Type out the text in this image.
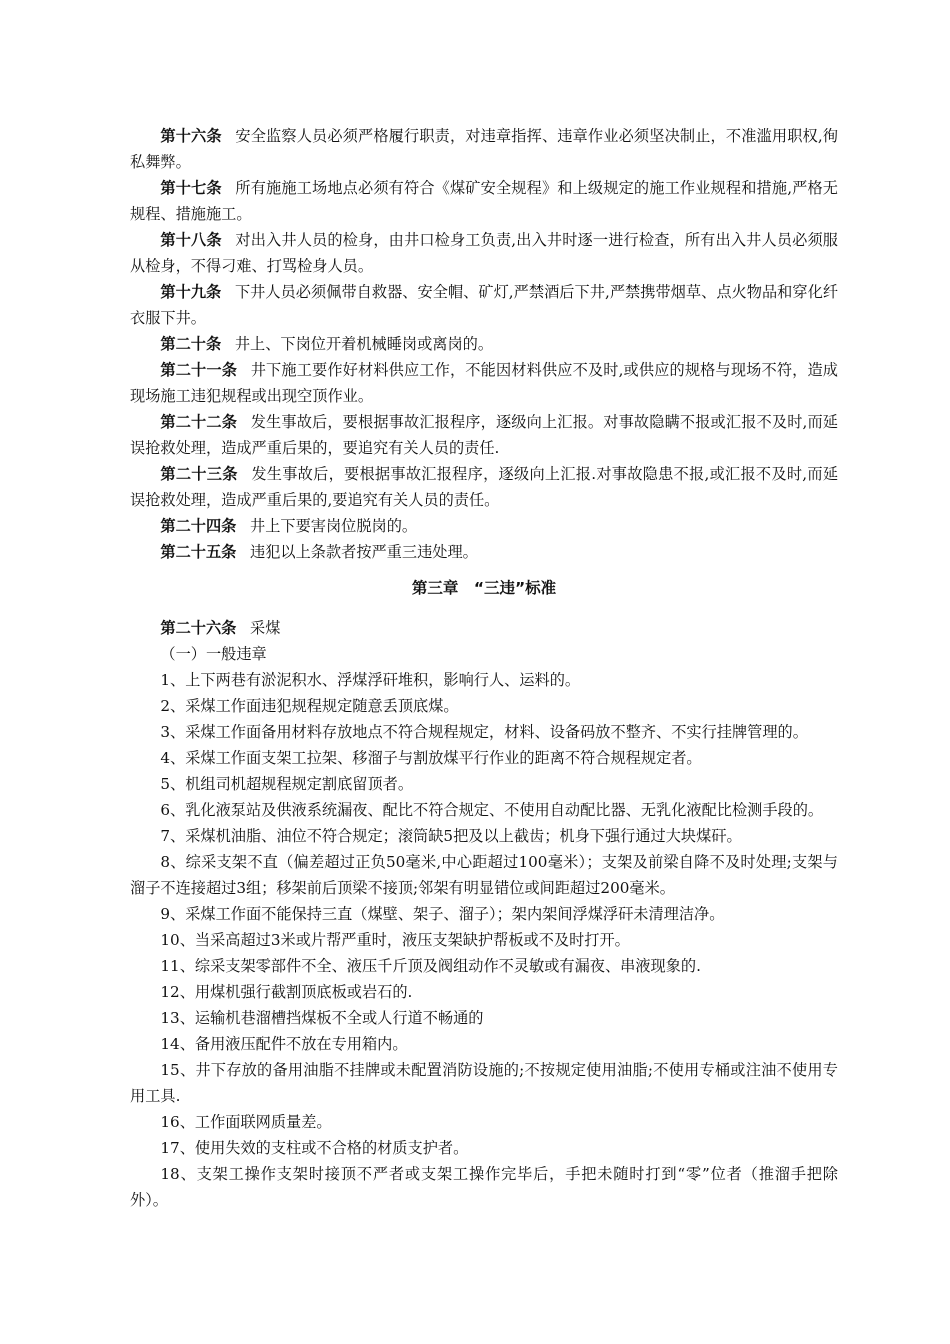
第十六条 安全监察人员必须严格履行职责，对违章指挥、违章作业必须坚决制止，不准滥用职权,徇私舞弊。

第十七条 所有施施工场地点必须有符合《煤矿安全规程》和上级规定的施工作业规程和措施,严格无规程、措施施工。

第十八条 对出入井人员的检身，由井口检身工负责,出入井时逐一进行检查，所有出入井人员必须服从检身，不得刁难、打骂检身人员。

第十九条 下井人员必须佩带自救器、安全帽、矿灯,严禁酒后下井,严禁携带烟草、点火物品和穿化纤衣服下井。

第二十条 井上、下岗位开着机械睡岗或离岗的。

第二十一条 井下施工要作好材料供应工作，不能因材料供应不及时,或供应的规格与现场不符，造成现场施工违犯规程或出现空顶作业。

第二十二条 发生事故后，要根据事故汇报程序，逐级向上汇报。对事故隐瞒不报或汇报不及时,而延误抢救处理，造成严重后果的，要追究有关人员的责任.

第二十三条 发生事故后，要根据事故汇报程序，逐级向上汇报.对事故隐患不报,或汇报不及时,而延误抢救处理，造成严重后果的,要追究有关人员的责任。

第二十四条 井上下要害岗位脱岗的。

第二十五条 违犯以上条款者按严重三违处理。

第三章　“三违”标准

第二十六条 采煤

（一）一般违章

1、上下两巷有淤泥积水、浮煤浮矸堆积，影响行人、运料的。

2、采煤工作面违犯规程规定随意丢顶底煤。

3、采煤工作面备用材料存放地点不符合规程规定，材料、设备码放不整齐、不实行挂牌管理的。

4、采煤工作面支架工拉架、移溜子与割放煤平行作业的距离不符合规程规定者。

5、机组司机超规程规定割底留顶者。

6、乳化液泵站及供液系统漏夜、配比不符合规定、不使用自动配比器、无乳化液配比检测手段的。

7、采煤机油脂、油位不符合规定；滚筒缺5把及以上截齿；机身下强行通过大块煤矸。

8、综采支架不直（偏差超过正负50毫米,中心距超过100毫米）；支架及前梁自降不及时处理;支架与溜子不连接超过3组；移架前后顶梁不接顶;邻架有明显错位或间距超过200毫米。

9、采煤工作面不能保持三直（煤壁、架子、溜子）；架内架间浮煤浮矸未清理洁净。

10、当采高超过3米或片帮严重时，液压支架缺护帮板或不及时打开。

11、综采支架零部件不全、液压千斤顶及阀组动作不灵敏或有漏夜、串液现象的.

12、用煤机强行截割顶底板或岩石的.

13、运输机巷溜槽挡煤板不全或人行道不畅通的

14、备用液压配件不放在专用箱内。

15、井下存放的备用油脂不挂牌或未配置消防设施的;不按规定使用油脂;不使用专桶或注油不使用专用工具.

16、工作面联网质量差。

17、使用失效的支柱或不合格的材质支护者。

18、支架工操作支架时接顶不严者或支架工操作完毕后，手把未随时打到“零”位者（推溜手把除外）。
